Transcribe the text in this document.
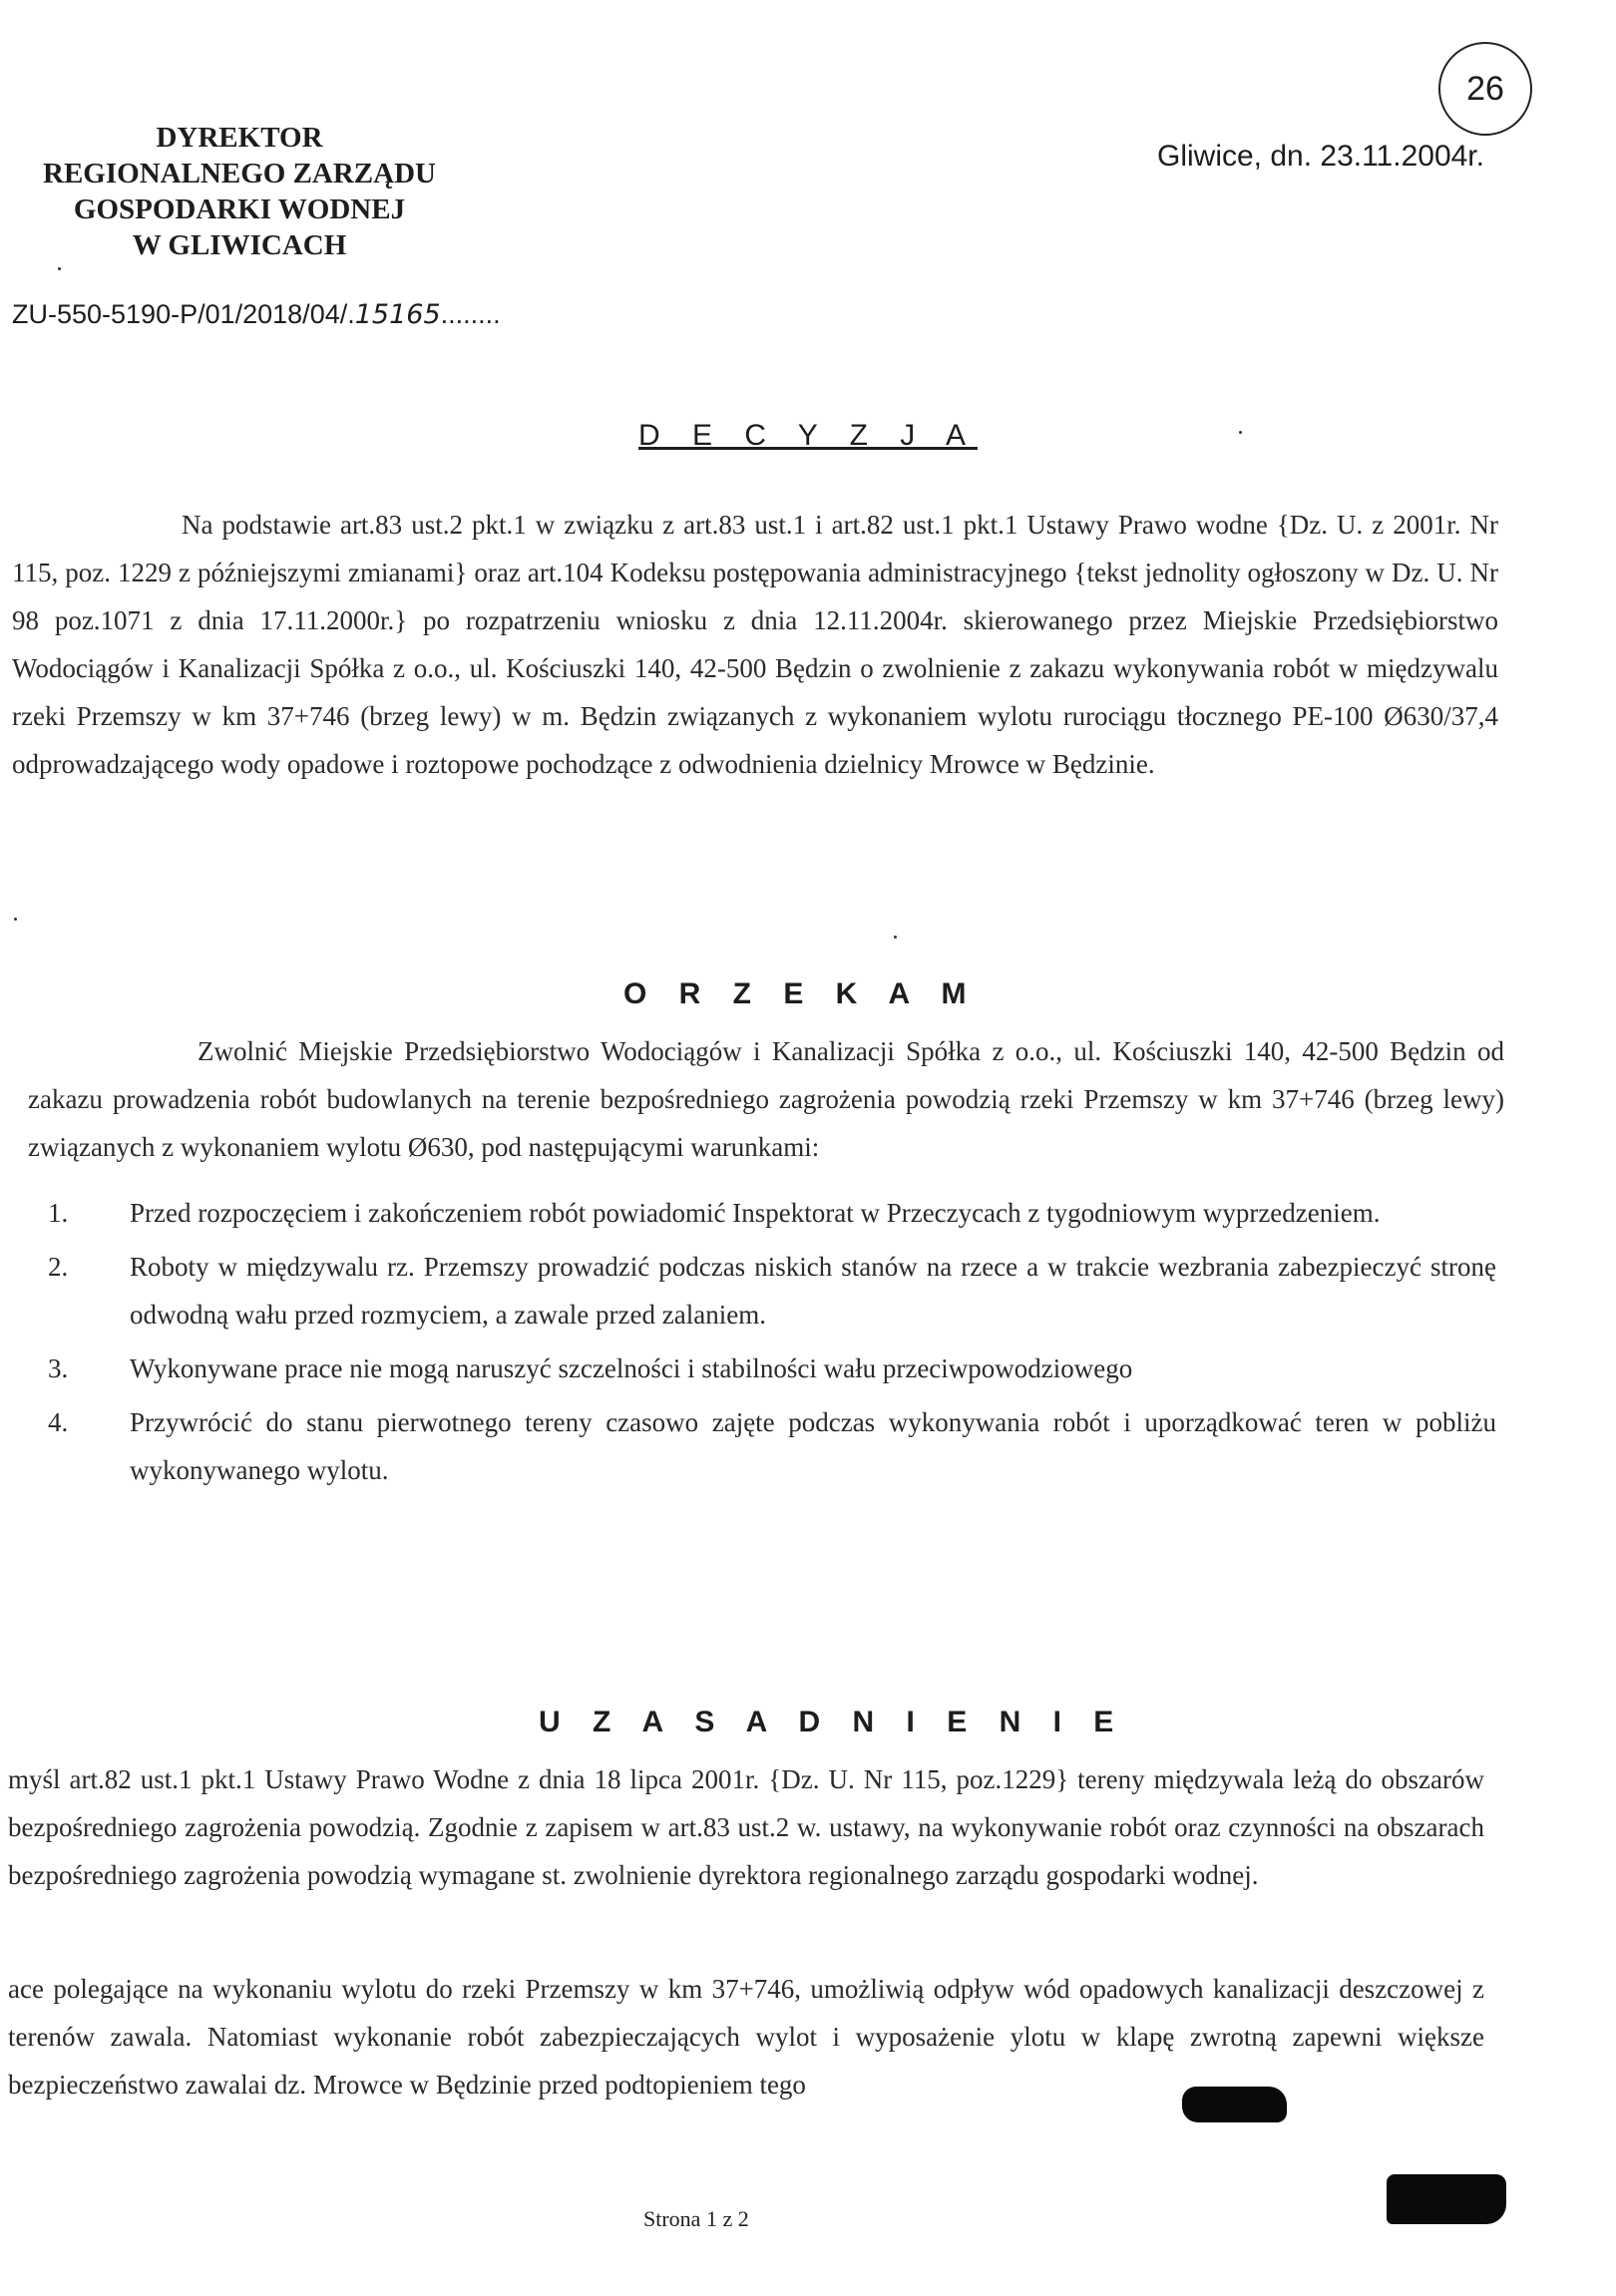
DYREKTOR
REGIONALNEGO ZARZĄDU
GOSPODARKI WODNEJ
W GLIWICACH
26
Gliwice, dn. 23.11.2004r.
ZU-550-5190-P/01/2018/04/.15165........
D E C Y Z J A
Na podstawie art.83 ust.2 pkt.1 w związku z art.83 ust.1 i art.82 ust.1 pkt.1 Ustawy Prawo wodne {Dz. U. z 2001r. Nr 115, poz. 1229 z późniejszymi zmianami} oraz art.104 Kodeksu postępowania administracyjnego {tekst jednolity ogłoszony w Dz. U. Nr 98 poz.1071 z dnia 17.11.2000r.} po rozpatrzeniu wniosku z dnia 12.11.2004r. skierowanego przez Miejskie Przedsiębiorstwo Wodociągów i Kanalizacji Spółka z o.o., ul. Kościuszki 140, 42-500 Będzin o zwolnienie z zakazu wykonywania robót w międzywalu rzeki Przemszy w km 37+746 (brzeg lewy) w m. Będzin związanych z wykonaniem wylotu rurociągu tłocznego PE-100 Ø630/37,4 odprowadzającego wody opadowe i roztopowe pochodzące z odwodnienia dzielnicy Mrowce w Będzinie.
O R Z E K A M
Zwolnić Miejskie Przedsiębiorstwo Wodociągów i Kanalizacji Spółka z o.o., ul. Kościuszki 140, 42-500 Będzin od zakazu prowadzenia robót budowlanych na terenie bezpośredniego zagrożenia powodzią rzeki Przemszy w km 37+746 (brzeg lewy) związanych z wykonaniem wylotu Ø630, pod następującymi warunkami:
1.	Przed rozpoczęciem i zakończeniem robót powiadomić Inspektorat w Przeczycach z tygodniowym wyprzedzeniem.
2.	Roboty w międzywalu rz. Przemszy prowadzić podczas niskich stanów na rzece a w trakcie wezbrania zabezpieczyć stronę odwodną wału przed rozmyciem, a zawale przed zalaniem.
3.	Wykonywane prace nie mogą naruszyć szczelności i stabilności wału przeciwpowodziowego
4.	Przywrócić do stanu pierwotnego tereny czasowo zajęte podczas wykonywania robót i uporządkować teren w pobliżu wykonywanego wylotu.
U Z A S A D N I E N I E
myśl art.82 ust.1 pkt.1 Ustawy Prawo Wodne z dnia 18 lipca 2001r. {Dz. U. Nr 115, poz.1229} tereny międzywala leżą do obszarów bezpośredniego zagrożenia powodzią. Zgodnie z zapisem w art.83 ust.2 w. ustawy, na wykonywanie robót oraz czynności na obszarach bezpośredniego zagrożenia powodzią wymagane st. zwolnienie dyrektora regionalnego zarządu gospodarki wodnej.
ace polegające na wykonaniu wylotu do rzeki Przemszy w km 37+746, umożliwią odpływ wód opadowych kanalizacji deszczowej z terenów zawala. Natomiast wykonanie robót zabezpieczających wylot i wyposażenie ylotu w klapę zwrotną zapewni większe bezpieczeństwo zawalai dz. Mrowce w Będzinie przed podtopieniem tego
Strona 1 z 2
